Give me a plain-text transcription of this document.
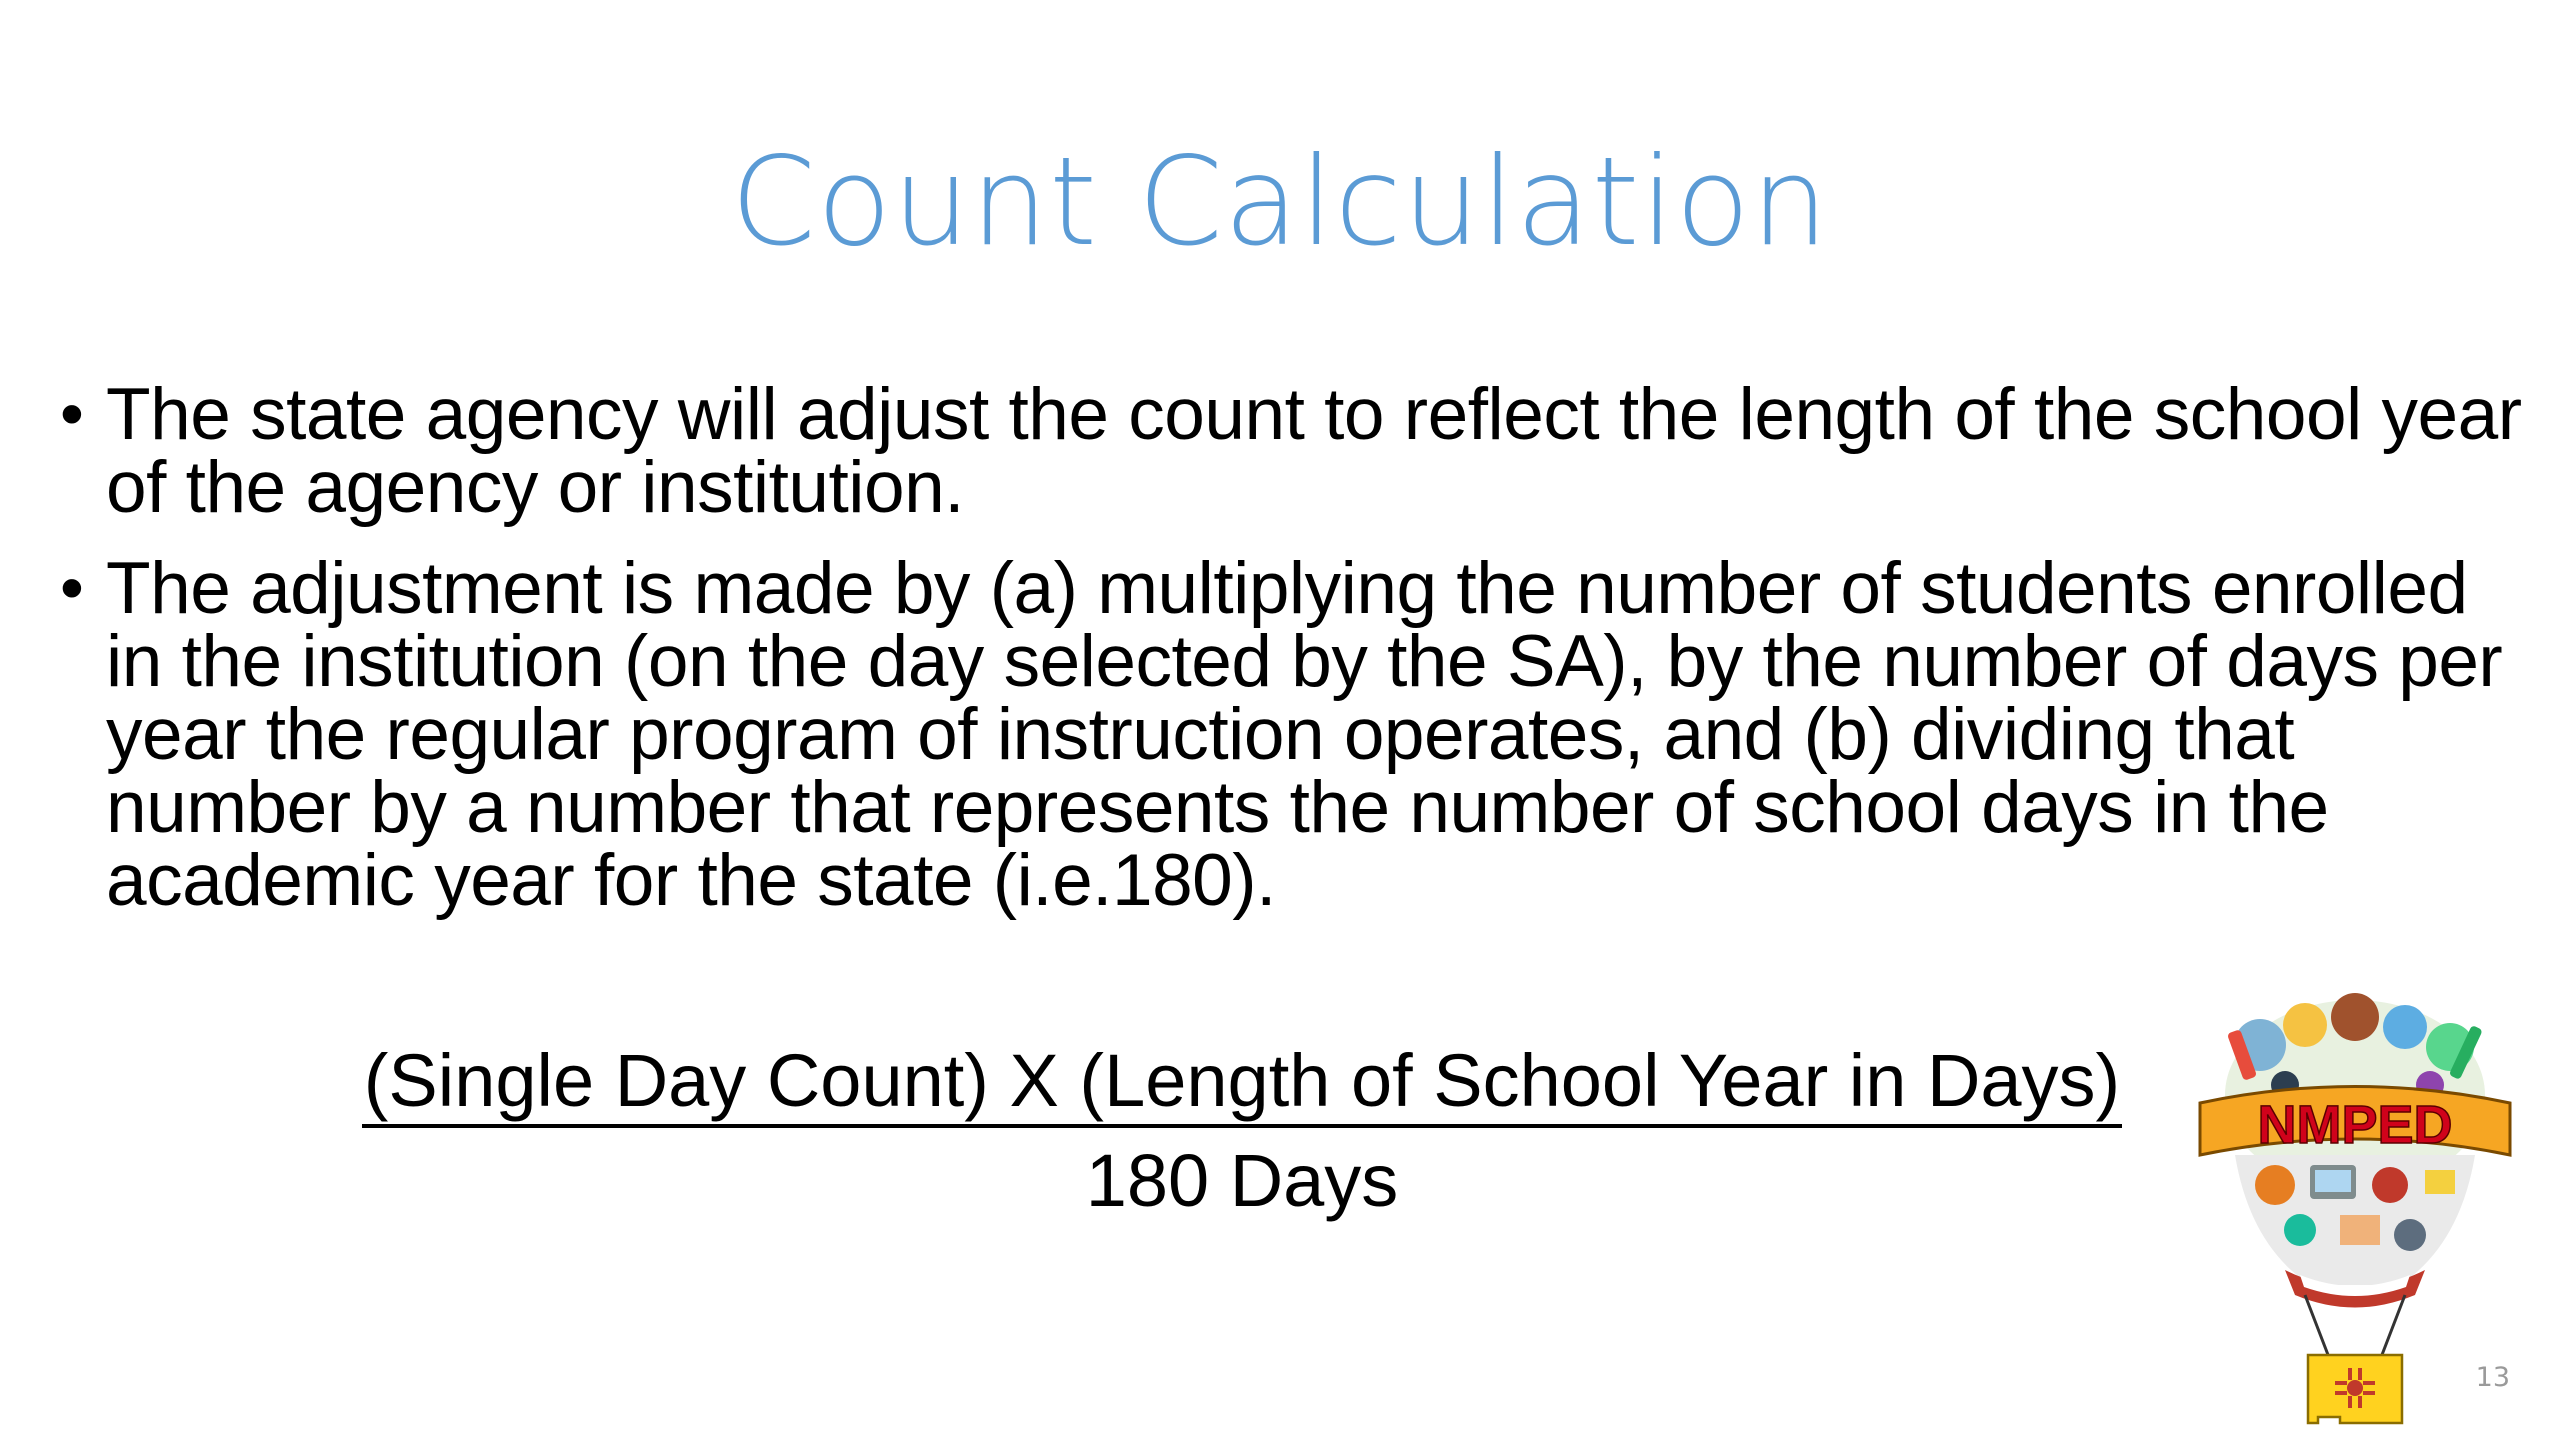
Count Calculation
• The state agency will adjust the count to reflect the length of the school year of the agency or institution.
• The adjustment is made by (a) multiplying the number of students enrolled in the institution (on the day selected by the SA), by the number of days per year the regular program of instruction operates, and (b) dividing that number by a number that represents the number of school days in the academic year for the state (i.e.180).
(Single Day Count) X (Length of School Year in Days)
180 Days
NMPED
13
